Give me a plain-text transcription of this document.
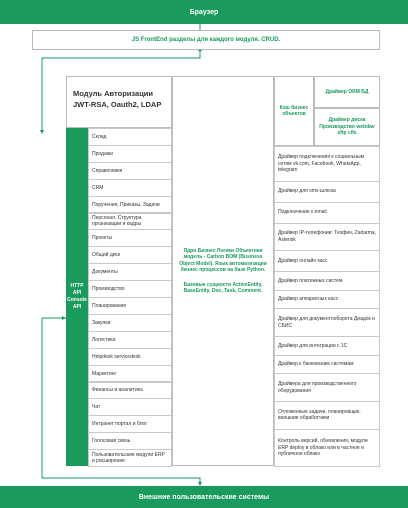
Браузер
JS FrontEnd разделы для каждого модуля. CRUD.
Модуль Авторизации
JWT-RSA, Oauth2, LDAP
HTTP API Console API
Склад
Продажи
Справочники
CRM
Поручения, Приказы, Задачи
Персонал. Структура организации и кадры
Проекты
Общий диск
Документы
Производство
Планирование
Закупки
Логистика
Helpdesk servicedesk
Маркетинг
Финансы и аналитика
Чат
Интранет портал и блог
Голосовая связь
Пользовательские модули ERP и расширение
Ядро Бизнес Логики Объектная модель - Carbon BOM (Business Object Model). Язык автоматизации бизнес процессов на базе Python.
Базовые сущности ActiveEntity, BaseEntity, Doc, Task, Comment.
Кэш бизнес объектов
Драйвер ORM БД
Драйвер диска Производство webdav sftp cifs
Драйвер подключения к социальным сетям vk.com, Facebook, WhatsApp, telegram
Драйвер для sms-шлюза
Подключение к email
Драйвер IP-телефонии: Техфин, Zadarma, Asterisk
Драйвер онлайн касс
Драйвер платежных систем
Драйвер аппаратных касс
Драйвер для документооборота Диадок и СБИС
Драйвер для интеграции с 1С
Драйвер к банковским системам
Драйвера для производственного оборудования
Отложенные задачи, планировщик, внешние обработчики
Контроль версий, обновления, модули ERP deploy в облако или в частное и публичное облако
Внешние пользовательские системы
